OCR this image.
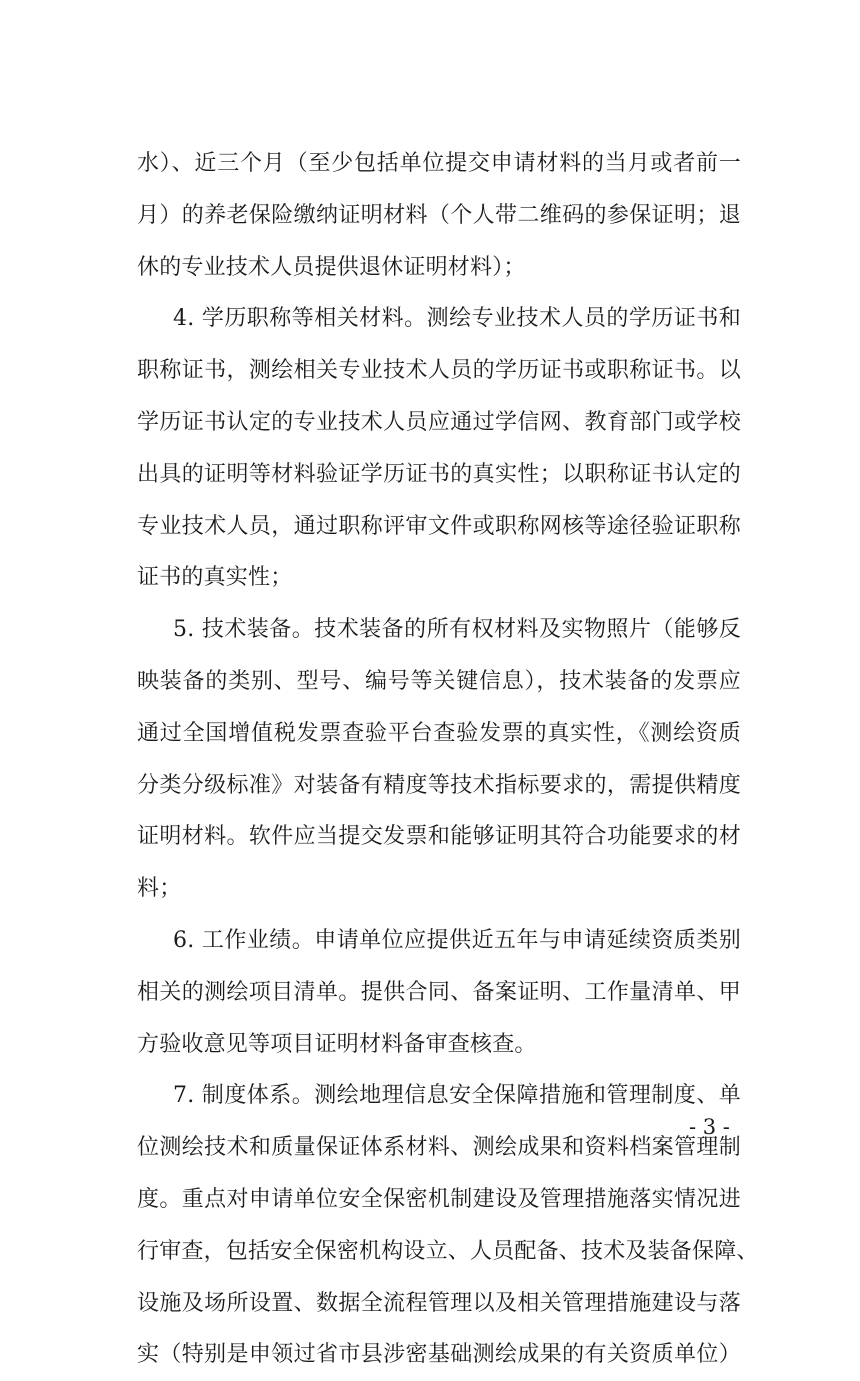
水）、近三个月（至少包括单位提交申请材料的当月或者前一
月）的养老保险缴纳证明材料（个人带二维码的参保证明；退
休的专业技术人员提供退休证明材料）；
4. 学历职称等相关材料。测绘专业技术人员的学历证书和
职称证书，测绘相关专业技术人员的学历证书或职称证书。以
学历证书认定的专业技术人员应通过学信网、教育部门或学校
出具的证明等材料验证学历证书的真实性；以职称证书认定的
专业技术人员，通过职称评审文件或职称网核等途径验证职称
证书的真实性；
5. 技术装备。技术装备的所有权材料及实物照片（能够反
映装备的类别、型号、编号等关键信息），技术装备的发票应
通过全国增值税发票查验平台查验发票的真实性，《测绘资质
分类分级标准》对装备有精度等技术指标要求的，需提供精度
证明材料。软件应当提交发票和能够证明其符合功能要求的材
料；
6. 工作业绩。申请单位应提供近五年与申请延续资质类别
相关的测绘项目清单。提供合同、备案证明、工作量清单、甲
方验收意见等项目证明材料备审查核查。
7. 制度体系。测绘地理信息安全保障措施和管理制度、单
位测绘技术和质量保证体系材料、测绘成果和资料档案管理制
度。重点对申请单位安全保密机制建设及管理措施落实情况进
行审查，包括安全保密机构设立、人员配备、技术及装备保障、
设施及场所设置、数据全流程管理以及相关管理措施建设与落
实（特别是申领过省市县涉密基础测绘成果的有关资质单位）
- 3 -
